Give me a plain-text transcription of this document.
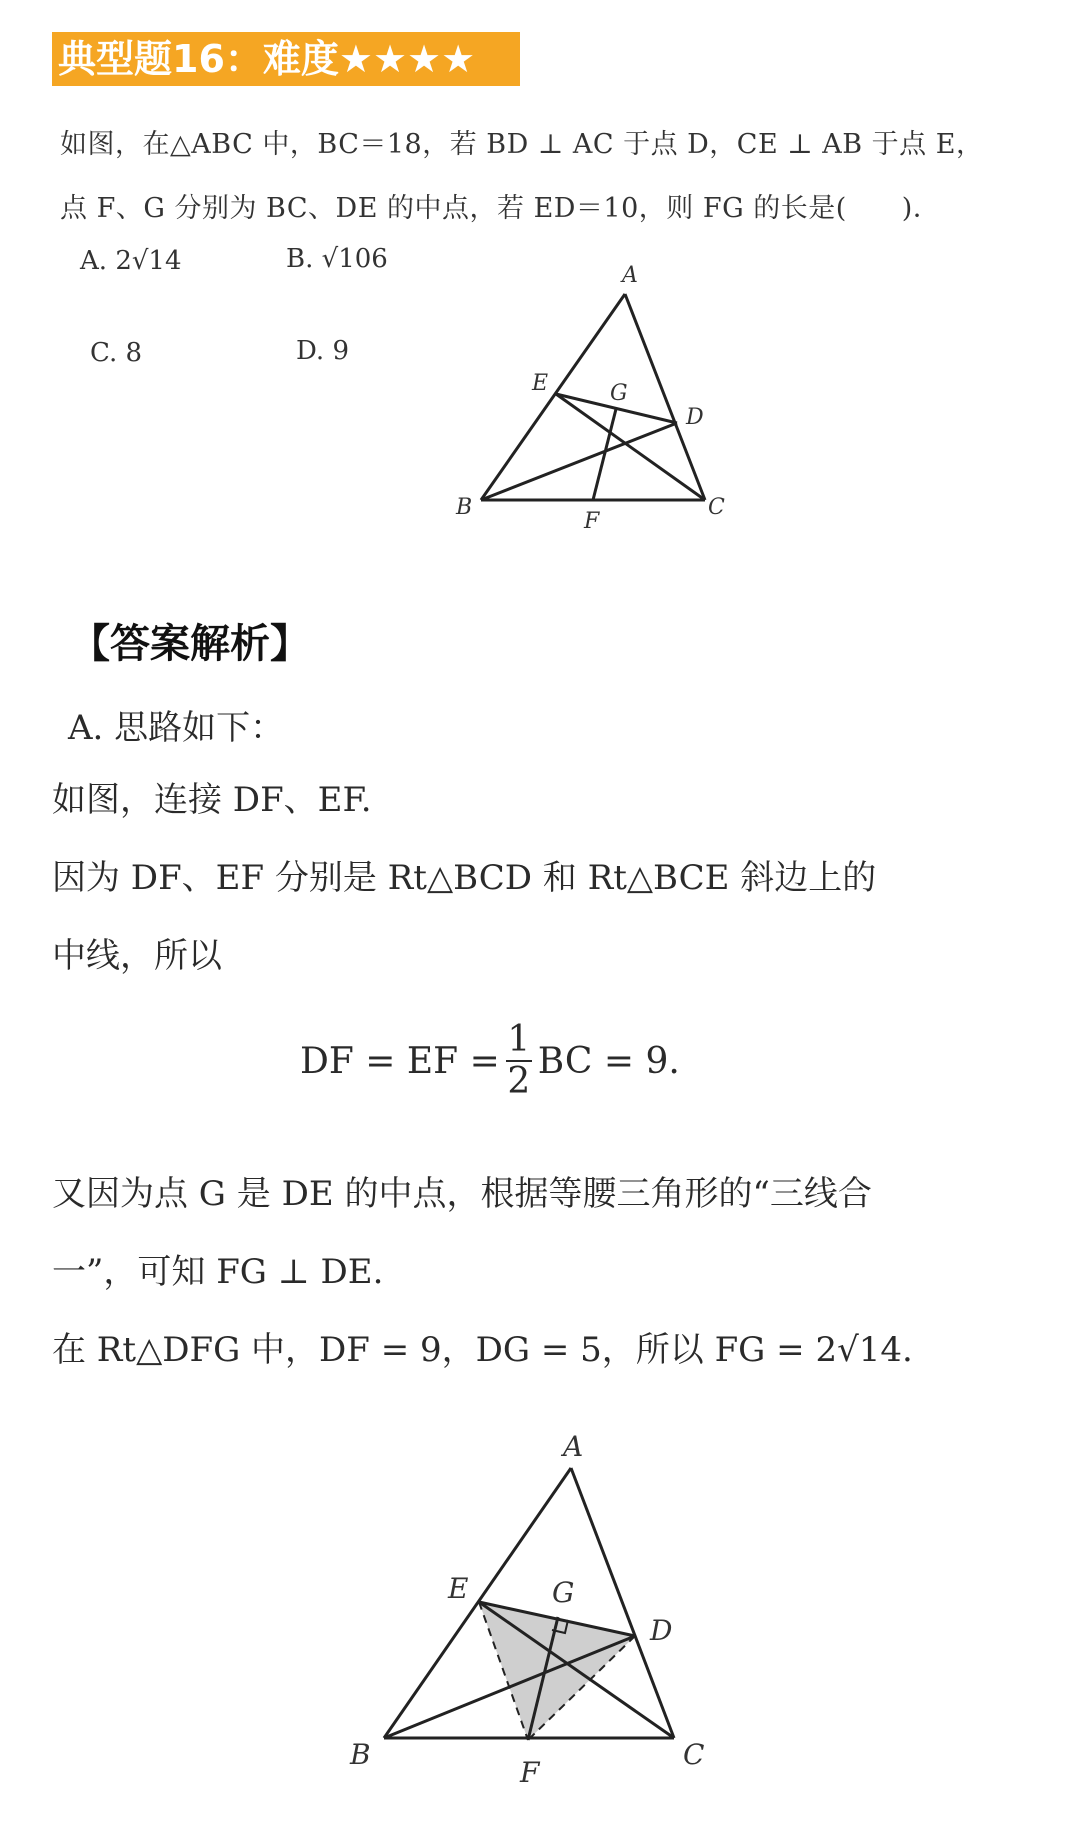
典型题16：难度★★★★
如图，在△ABC 中，BC＝18，若 BD ⊥ AC 于点 D，CE ⊥ AB 于点 E，
点 F、G 分别为 BC、DE 的中点，若 ED＝10，则 FG 的长是(　　)．
A. 2√14	B. √106
C. 8	D. 9
A
E	G
D
B	C
F
【答案解析】
A. 思路如下：
如图，连接 DF、EF.
因为 DF、EF 分别是 Rt△BCD 和 Rt△BCE 斜边上的
中线，所以
DF = EF = $\frac{1}{2}$ BC = 9.
又因为点 G 是 DE 的中点，根据等腰三角形的“三线合
一”，可知 FG ⊥ DE.
在 Rt△DFG 中，DF = 9，DG = 5，所以 FG = 2√14.
A
E	G
D
B	C
F
